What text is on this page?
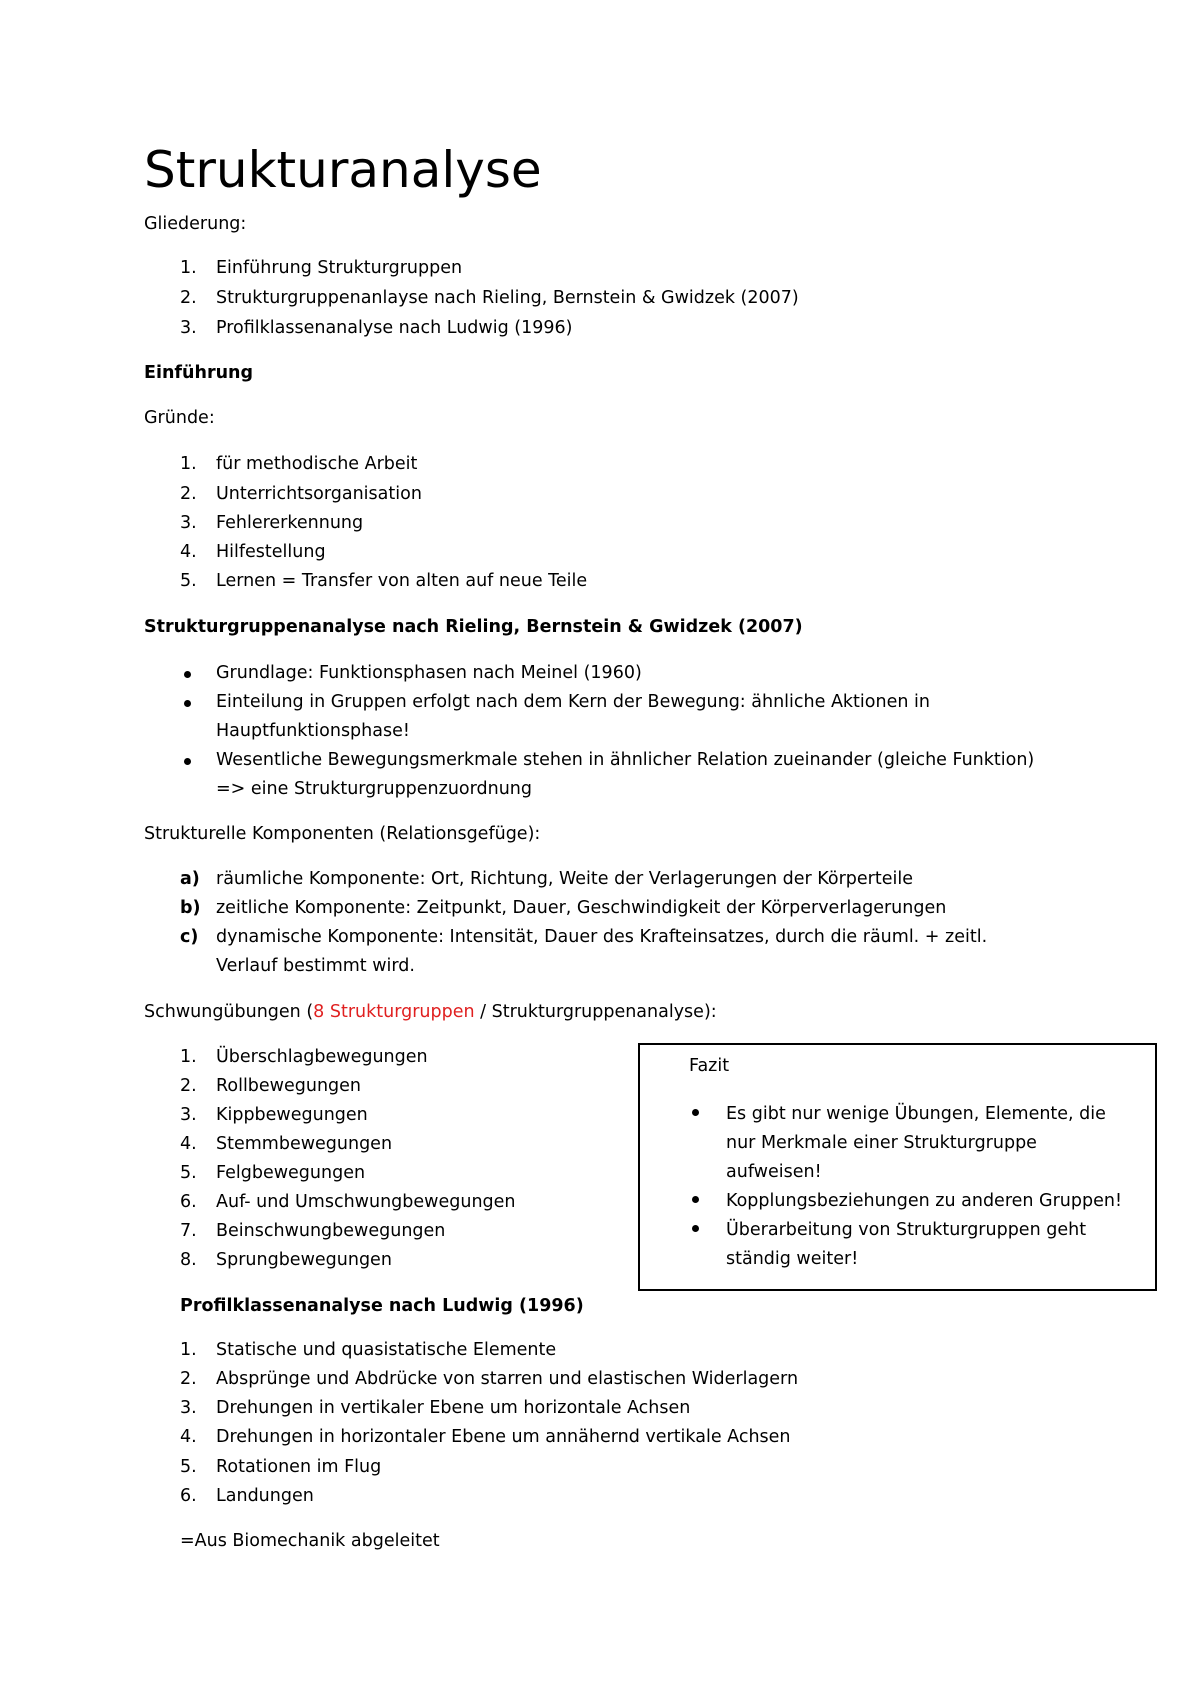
Strukturanalyse
Gliederung:
1. Einführung Strukturgruppen
2. Strukturgruppenanlayse nach Rieling, Bernstein & Gwidzek (2007)
3. Profilklassenanalyse nach Ludwig (1996)
Einführung
Gründe:
1. für methodische Arbeit
2. Unterrichtsorganisation
3. Fehlererkennung
4. Hilfestellung
5. Lernen = Transfer von alten auf neue Teile
Strukturgruppenanalyse nach Rieling, Bernstein & Gwidzek (2007)
Grundlage: Funktionsphasen nach Meinel (1960)
Einteilung in Gruppen erfolgt nach dem Kern der Bewegung: ähnliche Aktionen in
Hauptfunktionsphase!
Wesentliche Bewegungsmerkmale stehen in ähnlicher Relation zueinander (gleiche Funktion)
=> eine Strukturgruppenzuordnung
Strukturelle Komponenten (Relationsgefüge):
a) räumliche Komponente: Ort, Richtung, Weite der Verlagerungen der Körperteile
b) zeitliche Komponente: Zeitpunkt, Dauer, Geschwindigkeit der Körperverlagerungen
c) dynamische Komponente: Intensität, Dauer des Krafteinsatzes, durch die räuml. + zeitl.
Verlauf bestimmt wird.
Schwungübungen (8 Strukturgruppen / Strukturgruppenanalyse):
1. Überschlagbewegungen
2. Rollbewegungen
3. Kippbewegungen
4. Stemmbewegungen
5. Felgbewegungen
6. Auf- und Umschwungbewegungen
7. Beinschwungbewegungen
8. Sprungbewegungen
Fazit
Es gibt nur wenige Übungen, Elemente, die nur Merkmale einer Strukturgruppe aufweisen!
Kopplungsbeziehungen zu anderen Gruppen!
Überarbeitung von Strukturgruppen geht ständig weiter!
Profilklassenanalyse nach Ludwig (1996)
1. Statische und quasistatische Elemente
2. Absprünge und Abdrücke von starren und elastischen Widerlagern
3. Drehungen in vertikaler Ebene um horizontale Achsen
4. Drehungen in horizontaler Ebene um annähernd vertikale Achsen
5. Rotationen im Flug
6. Landungen
=Aus Biomechanik abgeleitet
